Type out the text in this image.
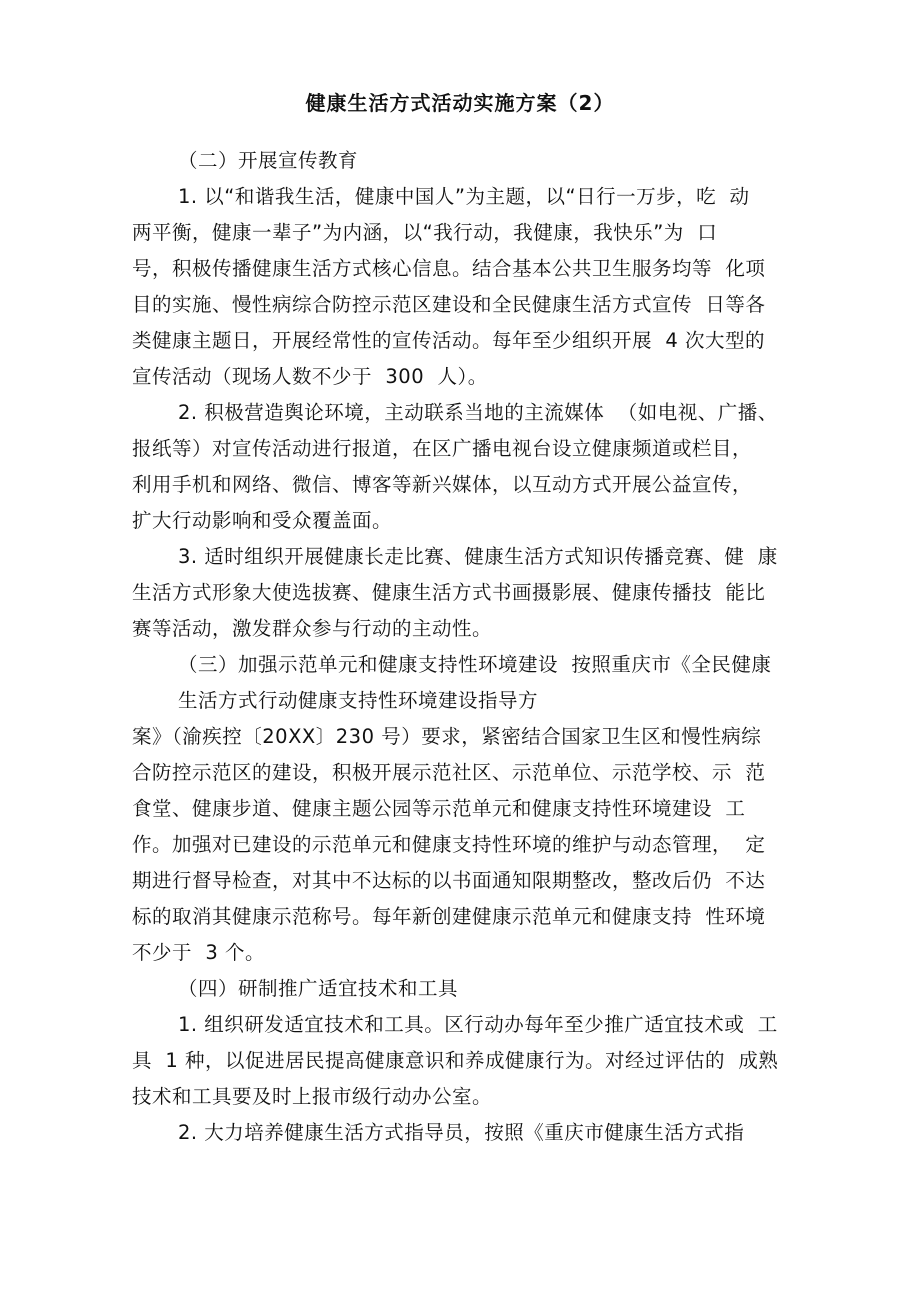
健康生活方式活动实施方案（2）
（二）开展宣传教育
1. 以“和谐我生活，健康中国人”为主题，以“日行一万步，吃  动
两平衡，健康一辈子”为内涵，以“我行动，我健康，我快乐”为  口
号，积极传播健康生活方式核心信息。结合基本公共卫生服务均等  化项
目的实施、慢性病综合防控示范区建设和全民健康生活方式宣传  日等各
类健康主题日，开展经常性的宣传活动。每年至少组织开展  4 次大型的
宣传活动（现场人数不少于  300  人）。
2. 积极营造舆论环境，主动联系当地的主流媒体  （如电视、广播、
报纸等）对宣传活动进行报道，在区广播电视台设立健康频道或栏目，
利用手机和网络、微信、博客等新兴媒体，以互动方式开展公益宣传，
扩大行动影响和受众覆盖面。
3. 适时组织开展健康长走比赛、健康生活方式知识传播竞赛、健  康
生活方式形象大使选拔赛、健康生活方式书画摄影展、健康传播技  能比
赛等活动，激发群众参与行动的主动性。
（三）加强示范单元和健康支持性环境建设  按照重庆市《全民健康
生活方式行动健康支持性环境建设指导方
案》（渝疾控〔20XX〕230 号）要求，紧密结合国家卫生区和慢性病综
合防控示范区的建设，积极开展示范社区、示范单位、示范学校、示  范
食堂、健康步道、健康主题公园等示范单元和健康支持性环境建设  工
作。加强对已建设的示范单元和健康支持性环境的维护与动态管理，  定
期进行督导检查，对其中不达标的以书面通知限期整改，整改后仍  不达
标的取消其健康示范称号。每年新创建健康示范单元和健康支持  性环境
不少于  3 个。
（四）研制推广适宜技术和工具
1. 组织研发适宜技术和工具。区行动办每年至少推广适宜技术或  工
具  1 种，以促进居民提高健康意识和养成健康行为。对经过评估的  成熟
技术和工具要及时上报市级行动办公室。
2. 大力培养健康生活方式指导员，按照《重庆市健康生活方式指
